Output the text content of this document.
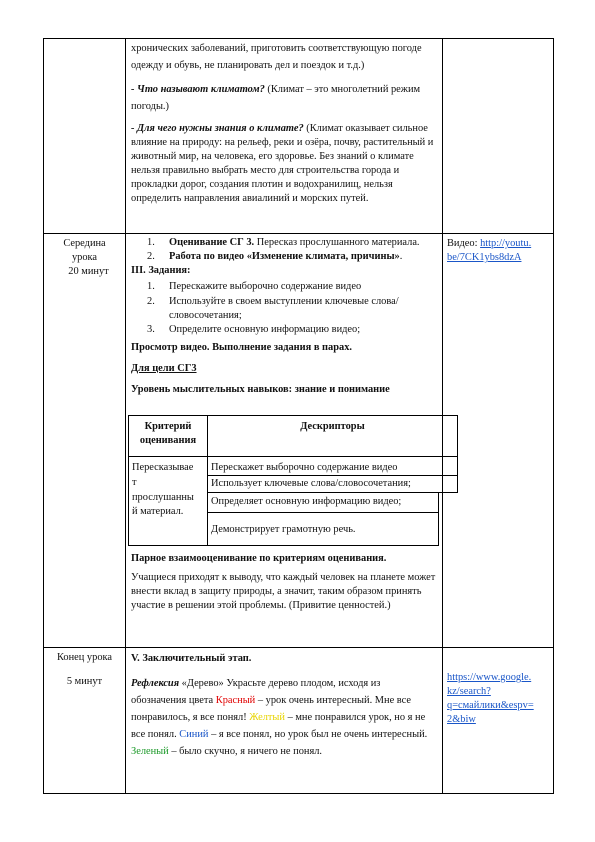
хронических заболеваний, приготовить соответствующую погоде одежду и обувь, не планировать дел и поездок и т.д.)

- Что называют климатом? (Климат – это многолетний режим погоды.)

- Для чего нужны знания о климате? (Климат оказывает сильное влияние на природу: на рельеф, реки и озёра, почву, растительный и животный мир, на человека, его здоровье. Без знаний о климате нельзя правильно выбрать место для строительства города и прокладки дорог, создания плотин и водохранилищ, нельзя определить направления авиалиний и морских путей.

Середина

урока

20 минут

1. Оценивание СГ 3. Пересказ прослушанного материала.
2. Работа по видео «Изменение климата, причины».

III. Задания:

1. Перескажите выборочно содержание видео
2. Используйте в своем выступлении ключевые слова/словосочетания;
3. Определите основную информацию видео;

Просмотр видео. Выполнение задания в парах.

Для цели СГ3

Уровень мыслительных навыков: знание и понимание

Критерий оценивания
Дескрипторы

Пересказывае

т

прослушанны

й материал.

Перескажет выборочно содержание видео
Использует ключевые слова/словосочетания;
Определяет основную информацию видео;
Демонстрирует грамотную речь.

Парное взаимооценивание по критериям оценивания.

Учащиеся приходят к выводу, что каждый человек на планете может внести вклад в защиту природы, а значит, таким образом принять участие в решении этой проблемы. (Привитие ценностей.)

Видео: http://youtu.

be/7CK1ybs8dzA

Конец урока

5 минут

V. Заключительный этап.

Рефлексия «Дерево» Украсьте дерево плодом, исходя из обозначения цвета Красный – урок очень интересный. Мне все понравилось, я все понял! Желтый – мне понравился урок, но я не все понял. Синий – я все понял, но урок был не очень интересный. Зеленый – было скучно, я ничего не понял.

https://www.google.

kz/search?

q=смайлики&espv=

2&biw
